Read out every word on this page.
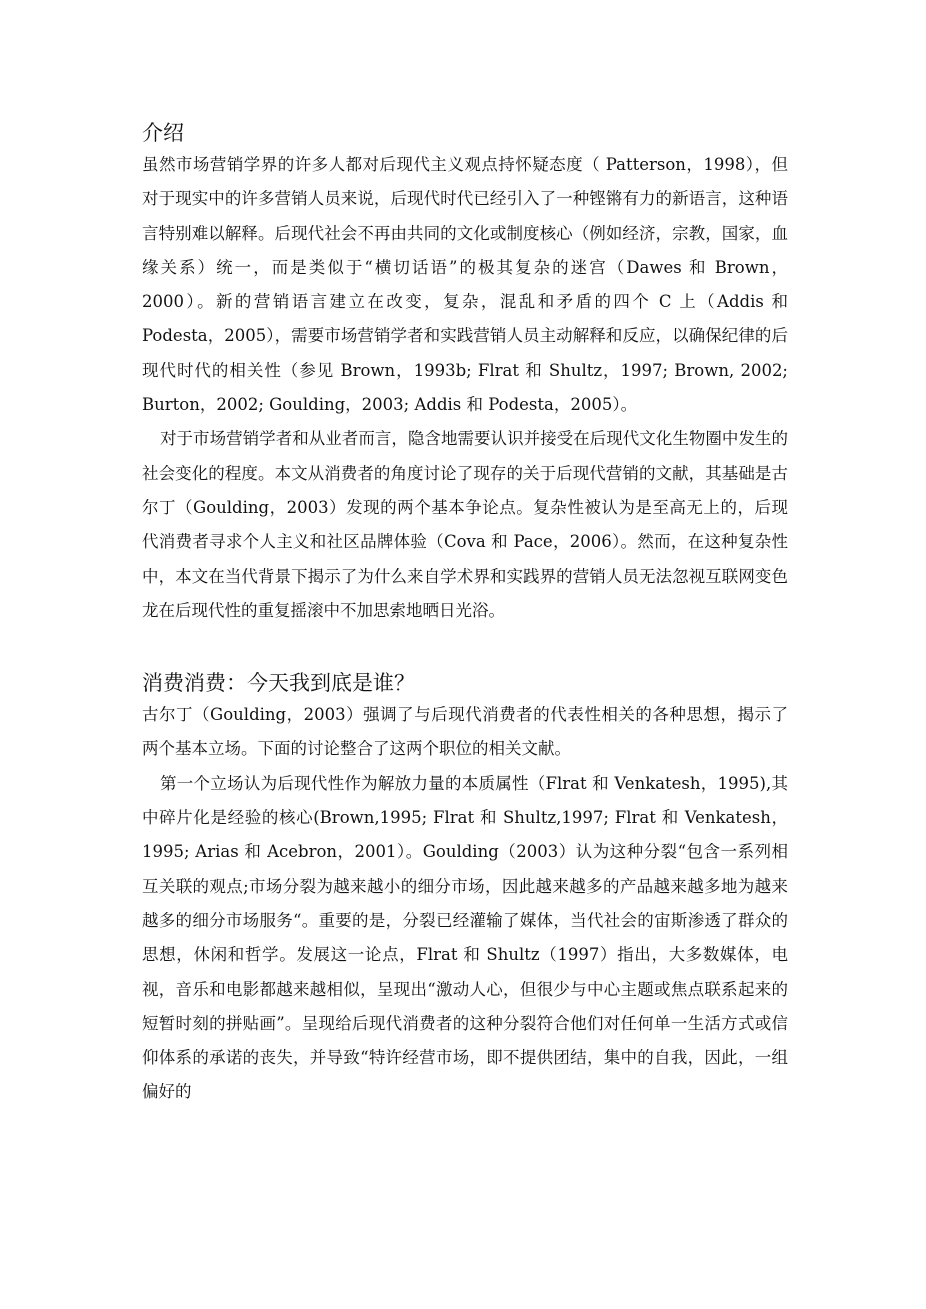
介绍

虽然市场营销学界的许多人都对后现代主义观点持怀疑态度（ Patterson，1998），但对于现实中的许多营销人员来说，后现代时代已经引入了一种铿锵有力的新语言，这种语言特别难以解释。后现代社会不再由共同的文化或制度核心（例如经济，宗教，国家，血缘关系）统一，而是类似于“横切话语”的极其复杂的迷宫（Dawes 和 Brown，2000）。新的营销语言建立在改变，复杂，混乱和矛盾的四个 C 上（Addis 和 Podesta，2005），需要市场营销学者和实践营销人员主动解释和反应，以确保纪律的后现代时代的相关性（参见 Brown，1993b; Flrat 和 Shultz，1997; Brown, 2002; Burton，2002; Goulding，2003; Addis 和 Podesta，2005）。

对于市场营销学者和从业者而言，隐含地需要认识并接受在后现代文化生物圈中发生的社会变化的程度。本文从消费者的角度讨论了现存的关于后现代营销的文献，其基础是古尔丁（Goulding，2003）发现的两个基本争论点。复杂性被认为是至高无上的，后现代消费者寻求个人主义和社区品牌体验（Cova 和 Pace，2006）。然而，在这种复杂性中，本文在当代背景下揭示了为什么来自学术界和实践界的营销人员无法忽视互联网变色龙在后现代性的重复摇滚中不加思索地晒日光浴。

消费消费：今天我到底是谁？

古尔丁（Goulding，2003）强调了与后现代消费者的代表性相关的各种思想，揭示了两个基本立场。下面的讨论整合了这两个职位的相关文献。

第一个立场认为后现代性作为解放力量的本质属性（Flrat 和 Venkatesh，1995),其中碎片化是经验的核心(Brown,1995; Flrat 和 Shultz,1997; Flrat 和 Venkatesh，1995; Arias 和 Acebron，2001）。Goulding（2003）认为这种分裂“包含一系列相互关联的观点;市场分裂为越来越小的细分市场，因此越来越多的产品越来越多地为越来越多的细分市场服务“。重要的是，分裂已经灌输了媒体，当代社会的宙斯渗透了群众的思想，休闲和哲学。发展这一论点，Flrat 和 Shultz（1997）指出，大多数媒体，电视，音乐和电影都越来越相似，呈现出“激动人心，但很少与中心主题或焦点联系起来的短暂时刻的拼贴画”。呈现给后现代消费者的这种分裂符合他们对任何单一生活方式或信仰体系的承诺的丧失，并导致“特许经营市场，即不提供团结，集中的自我，因此，一组偏好的
